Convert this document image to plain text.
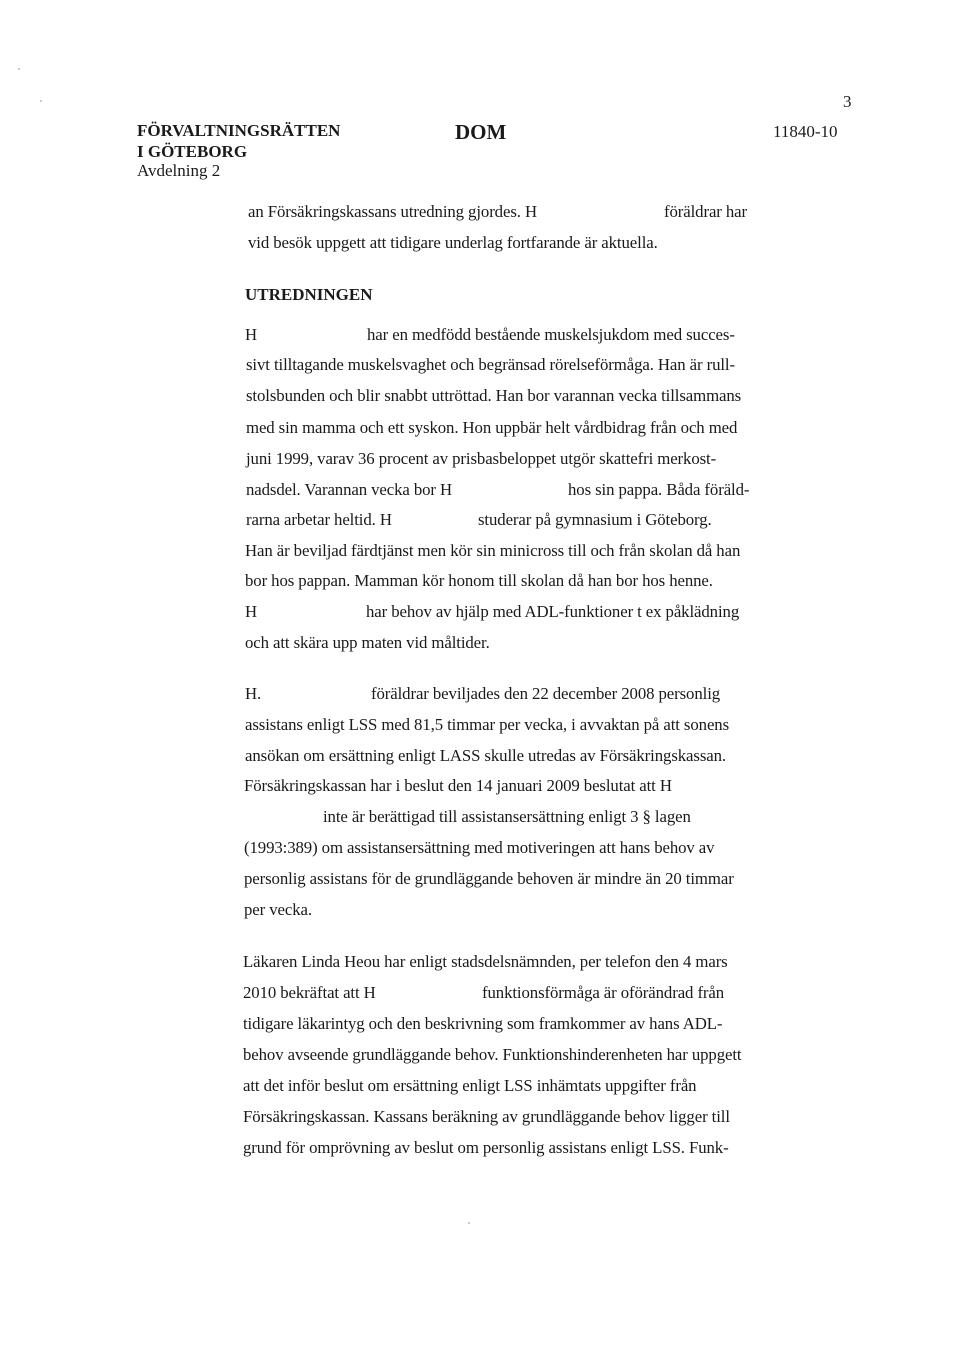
3
FÖRVALTNINGSRÄTTEN
I GÖTEBORG
Avdelning 2
DOM	11840-10
UTREDNINGEN
an Försäkringskassans utredning gjordes. H	föräldrar har
vid besök uppgett att tidigare underlag fortfarande är aktuella.
H	har en medfödd bestående muskelsjukdom med succes-
sivt tilltagande muskelsvaghet och begränsad rörelseförmåga. Han är rull-
stolsbunden och blir snabbt uttröttad. Han bor varannan vecka tillsammans
med sin mamma och ett syskon. Hon uppbär helt vårdbidrag från och med
juni 1999, varav 36 procent av prisbasbeloppet utgör skattefri merkost-
nadsdel. Varannan vecka bor H	hos sin pappa. Båda föräld-
rarna arbetar heltid. H	studerar på gymnasium i Göteborg.
Han är beviljad färdtjänst men kör sin minicross till och från skolan då han
bor hos pappan. Mamman kör honom till skolan då han bor hos henne.
H	har behov av hjälp med ADL-funktioner t ex påklädning
och att skära upp maten vid måltider.
H.	föräldrar beviljades den 22 december 2008 personlig
assistans enligt LSS med 81,5 timmar per vecka, i avvaktan på att sonens
ansökan om ersättning enligt LASS skulle utredas av Försäkringskassan.
Försäkringskassan har i beslut den 14 januari 2009 beslutat att H
inte är berättigad till assistansersättning enligt 3 § lagen
(1993:389) om assistansersättning med motiveringen att hans behov av
personlig assistans för de grundläggande behoven är mindre än 20 timmar
per vecka.
Läkaren Linda Heou har enligt stadsdelsnämnden, per telefon den 4 mars
2010 bekräftat att H	funktionsförmåga är oförändrad från
tidigare läkarintyg och den beskrivning som framkommer av hans ADL-
behov avseende grundläggande behov. Funktionshinderenheten har uppgett
att det inför beslut om ersättning enligt LSS inhämtats uppgifter från
Försäkringskassan. Kassans beräkning av grundläggande behov ligger till
grund för omprövning av beslut om personlig assistans enligt LSS. Funk-
